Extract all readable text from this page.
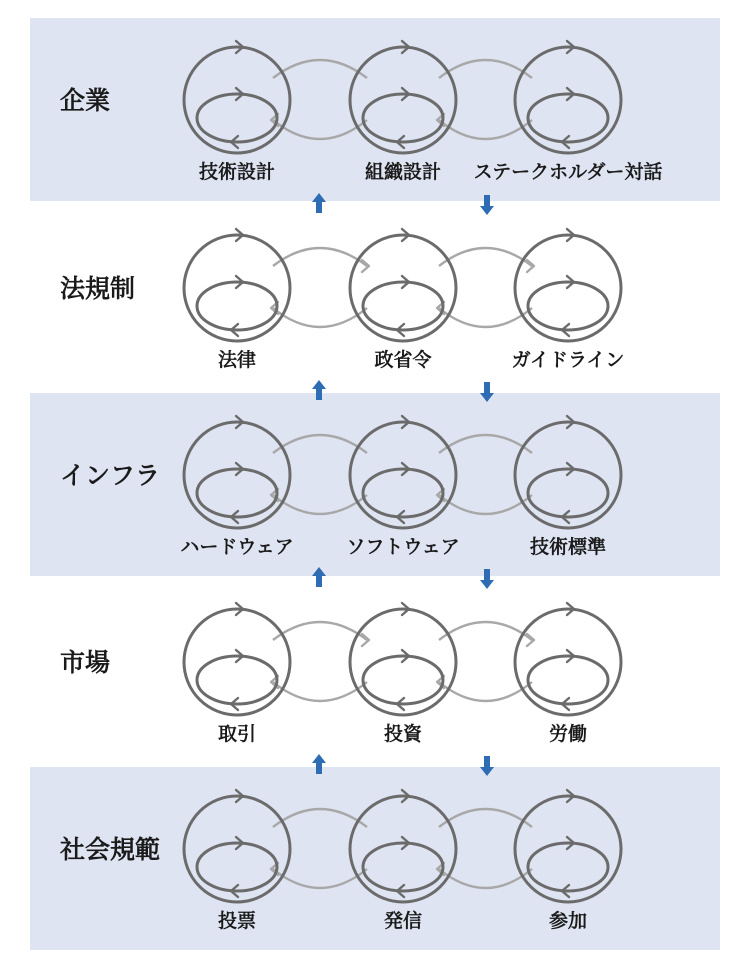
企業
技術設計	組織設計 ステークホルダー対話
法規制
法律	政省令	ガイドライン
インフラ
ハードウェア	ソフトウェア	技術標準
市場
取引	投資	労働
社会規範
投票	発信	参加
